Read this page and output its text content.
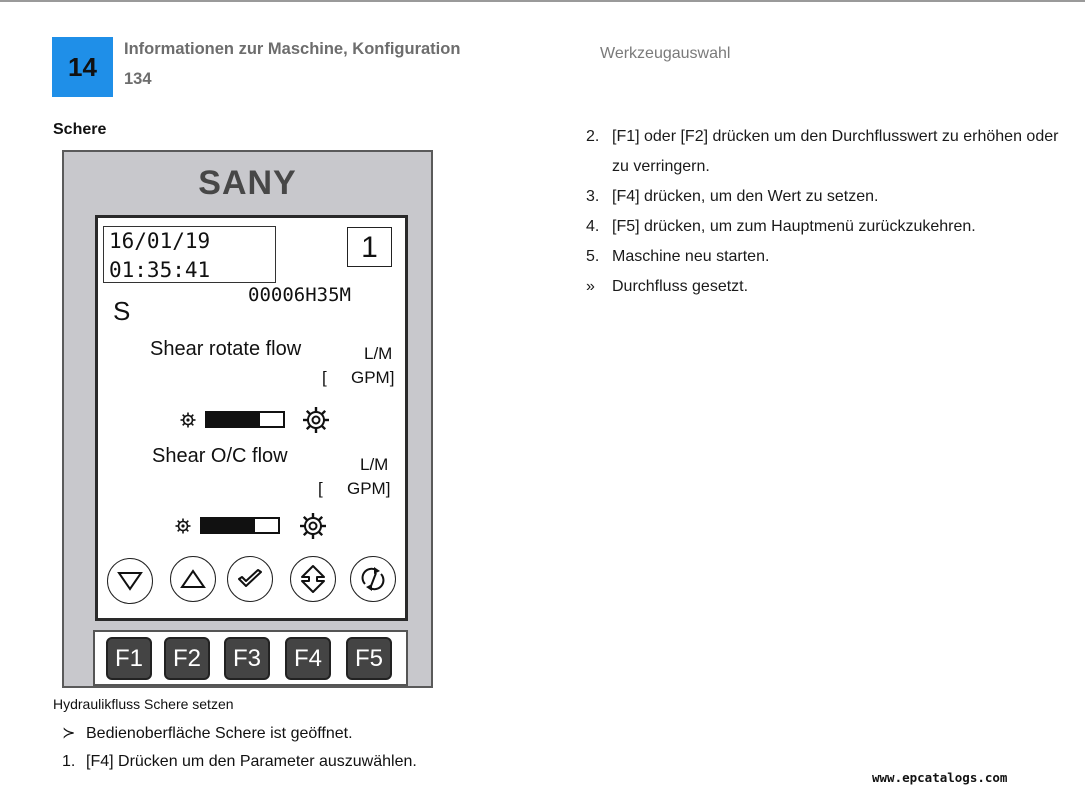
14
Informationen zur Maschine, Konfiguration
134
Werkzeugauswahl
Schere
SANY
16/01/19
01:35:41
1
00006H35M
S
Shear rotate flow	L/M
[ GPM]
Shear O/C flow	L/M
[ GPM]
F1	F2	F3	F4	F5
Hydraulikfluss Schere setzen
≻ Bedienoberfläche Schere ist geöffnet.
1. [F4] Drücken um den Parameter auszuwählen.
2. [F1] oder [F2] drücken um den Durchflusswert zu erhöhen oder zu verringern.
3. [F4] drücken, um den Wert zu setzen.
4. [F5] drücken, um zum Hauptmenü zurückzukehren.
5. Maschine neu starten.
»	Durchfluss gesetzt.
www.epcatalogs.com
